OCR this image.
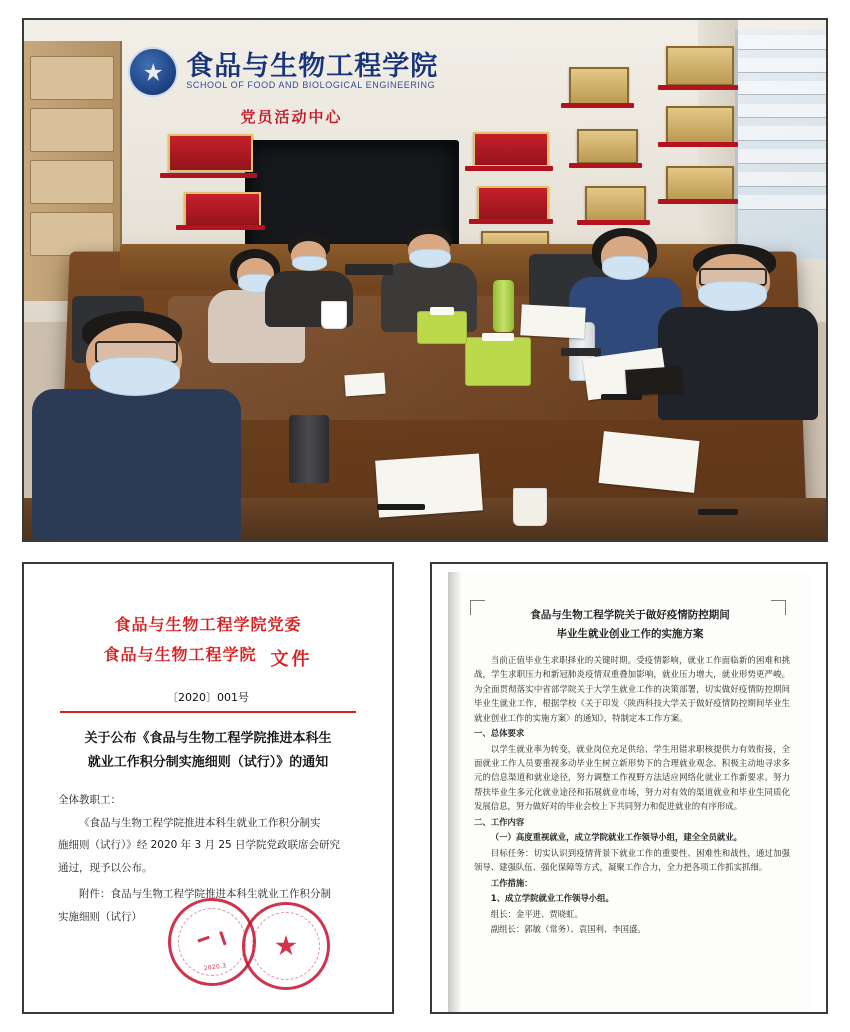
食品与生物工程学院
SCHOOL OF FOOD AND BIOLOGICAL ENGINEERING
党员活动中心
食品与生物工程学院党委
食品与生物工程学院 文件
〔2020〕001号
关于公布《食品与生物工程学院推进本科生
就业工作积分制实施细则（试行）》的通知

全体教职工：

《食品与生物工程学院推进本科生就业工作积分制实

施细则（试行）》经 2020 年 3 月 25 日学院党政联席会研究

通过，现予以公布。

附件：食品与生物工程学院推进本科生就业工作积分制

实施细则（试行）

2020.3
食品与生物工程学院关于做好疫情防控期间
毕业生就业创业工作的实施方案

当前正值毕业生求职择业的关键时期。受疫情影响，就业工作面临新的困难和挑战，学生求职压力和新冠肺炎疫情双重叠加影响，就业压力增大，就业形势更严峻。为全面贯彻落实中省部学院关于大学生就业工作的决策部署，切实做好疫情防控期间毕业生就业工作，根据学校《关于印发〈陕西科技大学关于做好疫情防控期间毕业生就业创业工作的实施方案〉的通知》，特制定本工作方案。

一、总体要求

以学生就业率为转变，就业岗位充足供给、学生用错求职核提供力有效衔接，全面就业工作人员要重视多动毕业生树立新形势下的合理就业观念、积极主动地寻求多元的信息渠道和就业途径，努力调整工作视野方法适应网络化就业工作新要求。努力帮扶毕业生多元化就业途径和拓展就业市场，努力对有效的渠道就业和毕业生同质化发展信息，努力做好对的毕业会校上下共同努力和促进就业的有序形成。

二、工作内容

（一）高度重视就业，成立学院就业工作领导小组，建全全员就业。

目标任务：切实认识到疫情背景下就业工作的重要性、困难性和战性，通过加强领导、建强队伍、强化保障等方式，凝聚工作合力，全力把各项工作抓实抓细。

工作措施：

1、成立学院就业工作领导小组。

组长：金平进、贾晓虹。

副组长：郭敏（常务）、袁国利、李国盛。
